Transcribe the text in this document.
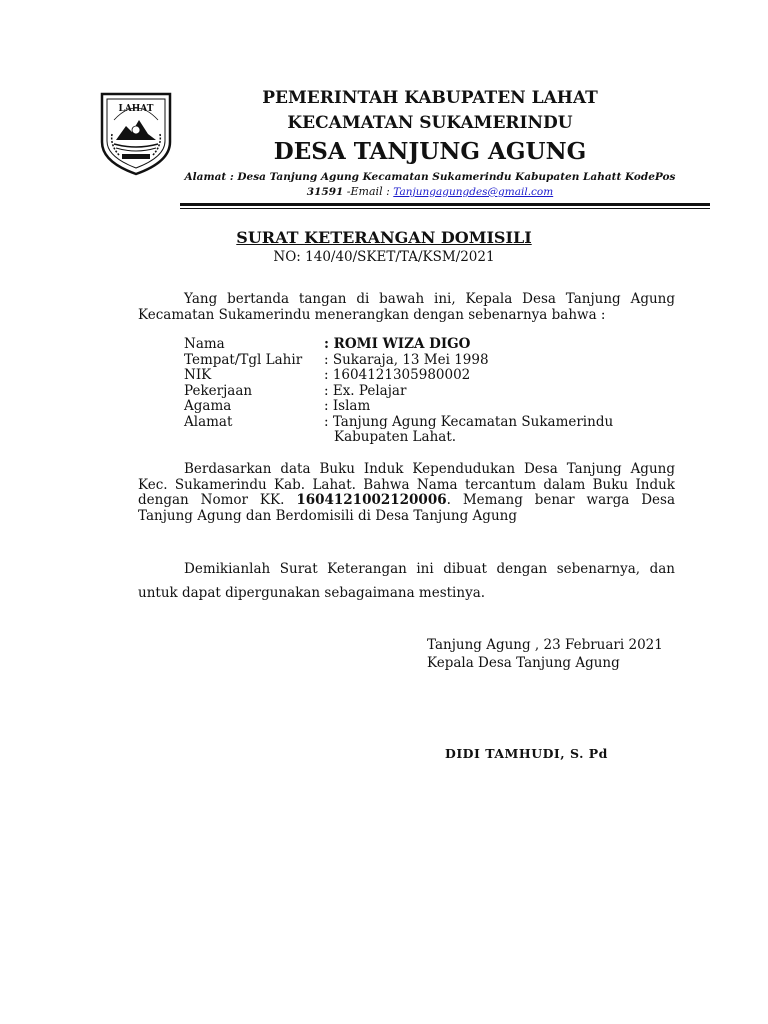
LAHAT
PEMERINTAH KABUPATEN LAHAT
KECAMATAN SUKAMERINDU
DESA TANJUNG AGUNG
Alamat : Desa Tanjung Agung Kecamatan Sukamerindu Kabupaten Lahatt KodePos
31591 -Email : Tanjungagungdes@gmail.com
SURAT KETERANGAN DOMISILI
NO: 140/40/SKET/TA/KSM/2021
Yang bertanda tangan di bawah ini, Kepala Desa Tanjung Agung Kecamatan Sukamerindu menerangkan dengan sebenarnya bahwa :
Nama	: ROMI WIZA DIGO
Tempat/Tgl Lahir	: Sukaraja, 13 Mei 1998
NIK	: 1604121305980002
Pekerjaan	: Ex. Pelajar
Agama	: Islam
Alamat	: Tanjung Agung Kecamatan Sukamerindu
Kabupaten Lahat.
Berdasarkan data Buku Induk Kependudukan Desa Tanjung Agung Kec. Sukamerindu Kab. Lahat. Bahwa Nama tercantum dalam Buku Induk dengan Nomor KK. 1604121002120006. Memang benar warga Desa Tanjung Agung dan Berdomisili di Desa Tanjung Agung
Demikianlah Surat Keterangan ini dibuat dengan sebenarnya, dan untuk dapat dipergunakan sebagaimana mestinya.
Tanjung Agung , 23 Februari 2021
Kepala Desa Tanjung Agung
DIDI TAMHUDI, S. Pd
